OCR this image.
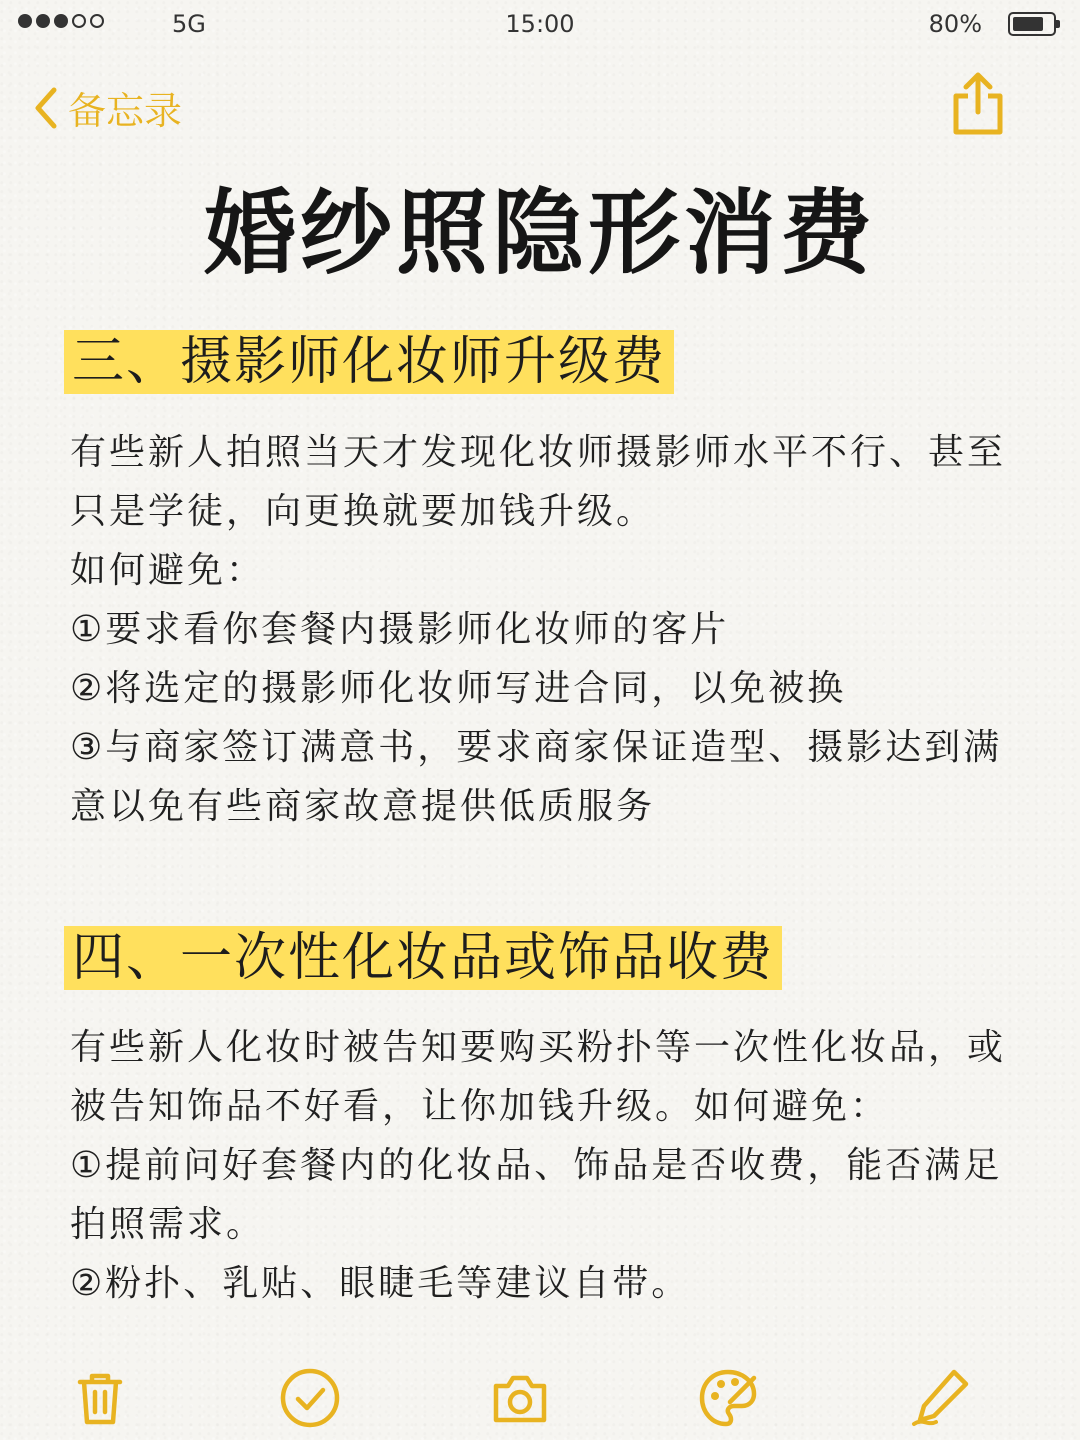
5G	15:00	80%
备忘录
婚纱照隐形消费
三、摄影师化妆师升级费

有些新人拍照当天才发现化妆师摄影师水平不行、甚至只是学徒，向更换就要加钱升级。

如何避免：

①要求看你套餐内摄影师化妆师的客片

②将选定的摄影师化妆师写进合同，以免被换

③与商家签订满意书，要求商家保证造型、摄影达到满意以免有些商家故意提供低质服务

四、一次性化妆品或饰品收费

有些新人化妆时被告知要购买粉扑等一次性化妆品，或被告知饰品不好看，让你加钱升级。如何避免：

①提前问好套餐内的化妆品、饰品是否收费，能否满足拍照需求。

②粉扑、乳贴、眼睫毛等建议自带。
